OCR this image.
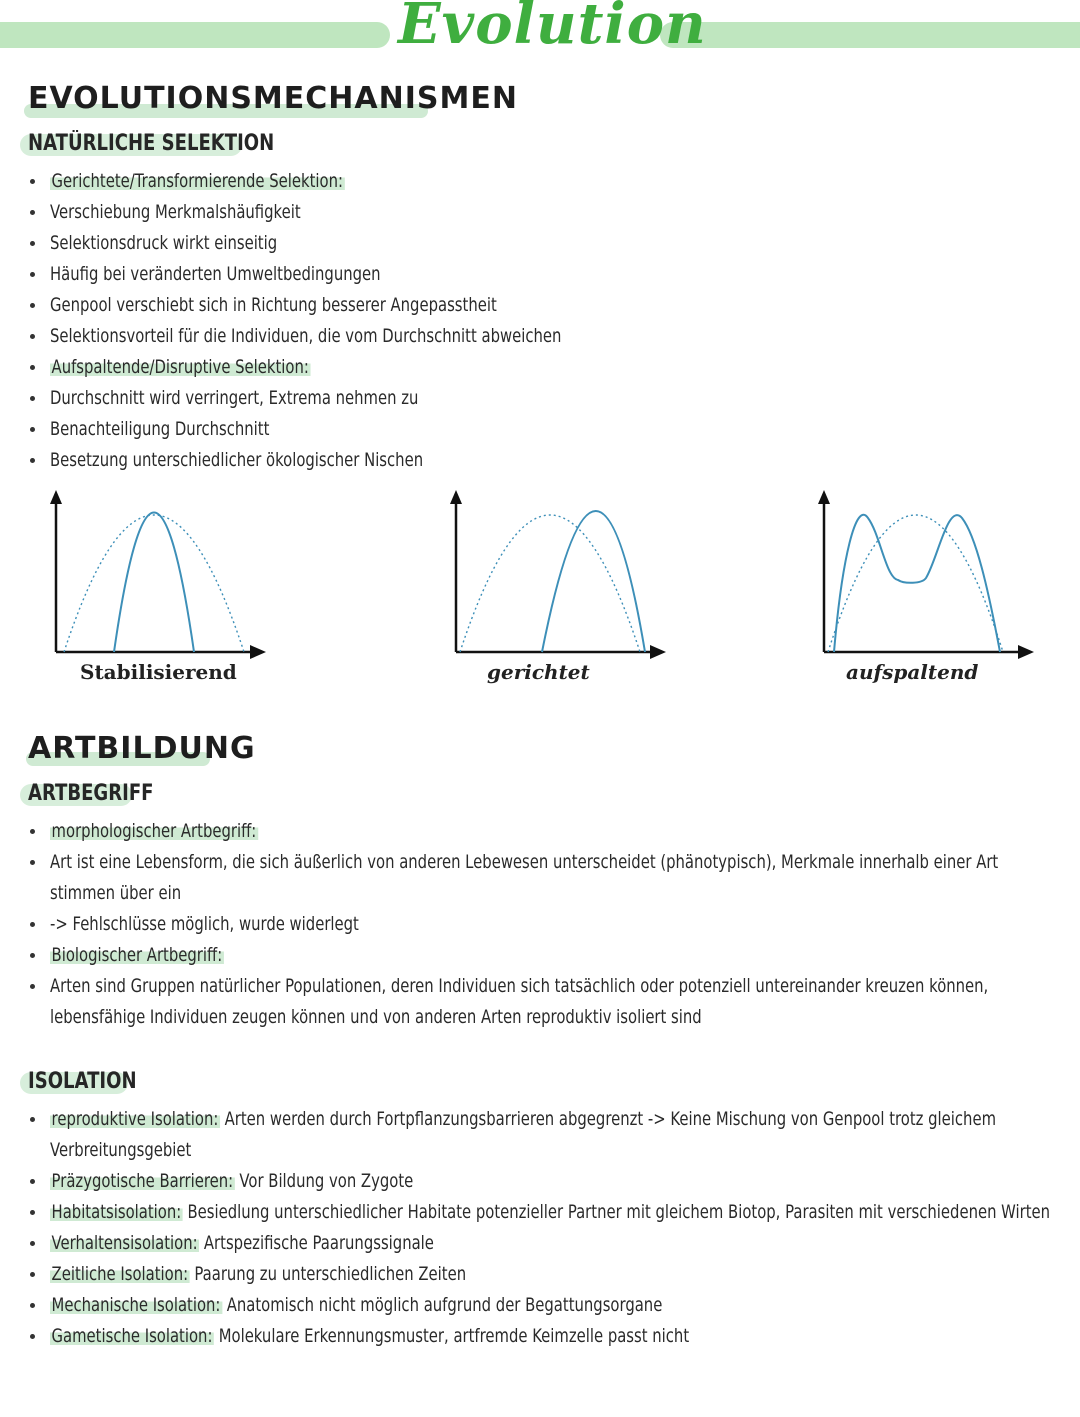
Evolution
EVOLUTIONSMECHANISMEN
NATÜRLICHE SELEKTION
Gerichtete/Transformierende Selektion:
Verschiebung Merkmalshäufigkeit
Selektionsdruck wirkt einseitig
Häufig bei veränderten Umweltbedingungen
Genpool verschiebt sich in Richtung besserer Angepasstheit
Selektionsvorteil für die Individuen, die vom Durchschnitt abweichen
Aufspaltende/Disruptive Selektion:
Durchschnitt wird verringert, Extrema nehmen zu
Benachteiligung Durchschnitt
Besetzung unterschiedlicher ökologischer Nischen
Stabilisierend	gerichtet	aufspaltend
ARTBILDUNG
ARTBEGRIFF
morphologischer Artbegriff:
Art ist eine Lebensform, die sich äußerlich von anderen Lebewesen unterscheidet (phänotypisch), Merkmale innerhalb einer Art stimmen über ein
-> Fehlschlüsse möglich, wurde widerlegt
Biologischer Artbegriff:
Arten sind Gruppen natürlicher Populationen, deren Individuen sich tatsächlich oder potenziell untereinander kreuzen können, lebensfähige Individuen zeugen können und von anderen Arten reproduktiv isoliert sind
ISOLATION
reproduktive Isolation: Arten werden durch Fortpflanzungsbarrieren abgegrenzt -> Keine Mischung von Genpool trotz gleichem Verbreitungsgebiet
Präzygotische Barrieren: Vor Bildung von Zygote
Habitatsisolation: Besiedlung unterschiedlicher Habitate potenzieller Partner mit gleichem Biotop, Parasiten mit verschiedenen Wirten
Verhaltensisolation: Artspezifische Paarungssignale
Zeitliche Isolation: Paarung zu unterschiedlichen Zeiten
Mechanische Isolation: Anatomisch nicht möglich aufgrund der Begattungsorgane
Gametische Isolation: Molekulare Erkennungsmuster, artfremde Keimzelle passt nicht
